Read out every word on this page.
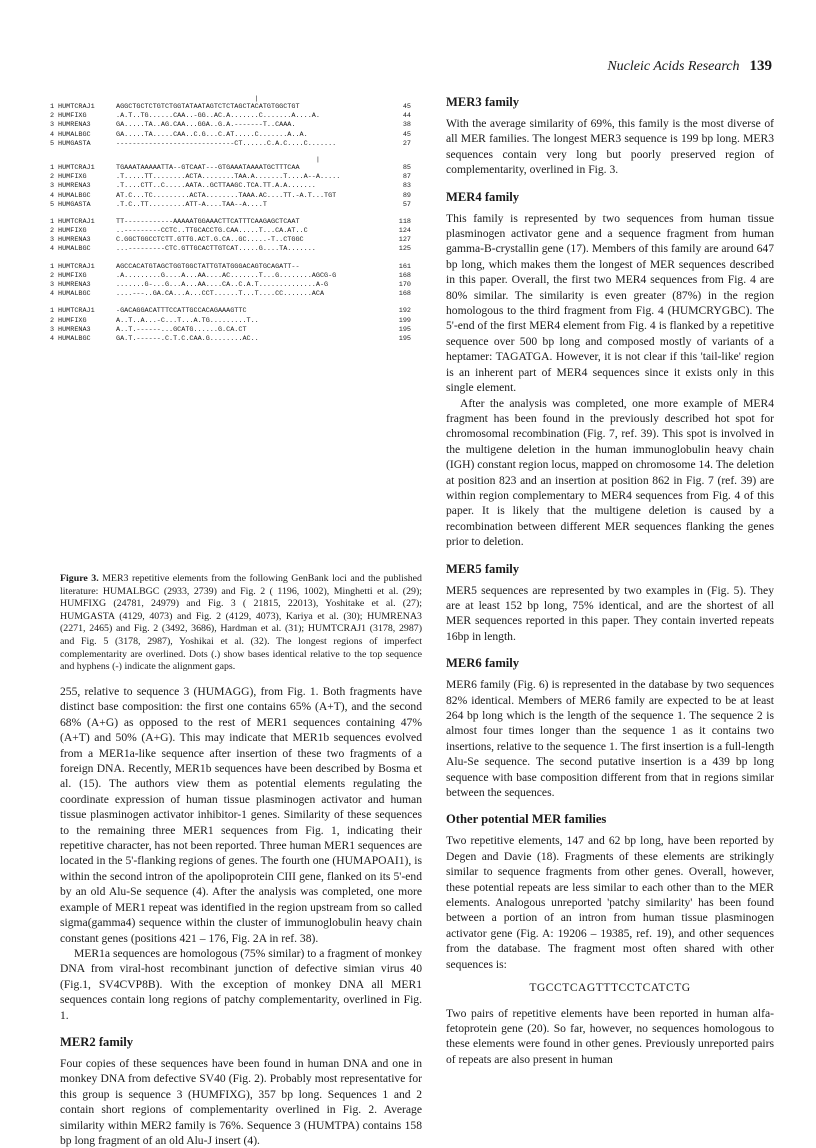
Nucleic Acids Research 139
|
1 HUMTCRAJ1	AGGCTGCTCTGTCTGGTATAATAGTCTCTAGCTACATGTGGCTGT	45
2 HUMFIXG	.A.T..TG......CAA..-GG..AC.A.......C.......A....A.	44
3 HUMRENA3	GA.....TA..AG.CAA...GGA..G.A.-------T..CAAA.	38
4 HUMALBGC	GA.....TA.....CAA..C.G...C.AT.....C.......A..A.	45
5 HUMGASTA	-----------------------------CT......C.A.C....C.......	27
|
1 HUMTCRAJ1	TGAAATAAAAATTA--GTCAAT---GTGAAATAAAATGCTTTCAA	85
2 HUMFIXG	.T.....TT........ACTA........TAA.A.......T....A--A.....	87
3 HUMRENA3	.T....CTT..C.....AATA..GCTTAAGC.TCA.TT.A.A.......	83
4 HUMALBGC	AT.C...TC.........ACTA........TAAA.AC....TT.-A.T...TGT	89
5 HUMGASTA	.T.C..TT.........ATT-A....TAA--A....T	57
1 HUMTCRAJ1	TT------------AAAAATGGAAACTTCATTTCAAGAGCTCAAT	118
2 HUMFIXG	..---------CCTC..TTGCACCTG.CAA.....T...CA.AT..C	124
3 HUMRENA3	C.GGCTGGCCTCTT.GTTG.ACT.G.CA..GC.....-T..CTGGC	127
4 HUMALBGC	...---------CTC.GTTGCACTTGTCAT.....G....TA.......	125
1 HUMTCRAJ1	AGCCACATGTAGCTGGTGGCTATTGTATGGGACAGTGCAGATT--	161
2 HUMFIXG	.A.........G....A...AA....AC.......T...G........AGCG-G	168
3 HUMRENA3	.......G-...G...A...AA....CA..C.A.T..............A-G	170
4 HUMALBGC	....---..GA.CA...A...CCT......T...T....CC.......ACA	168
1 HUMTCRAJ1	-GACAGGACATTTCCATTGCCACAGAAAGTTC	192
2 HUMFIXG	A..T..A...-C...T...A.TG.........T..	199
3 HUMRENA3	A..T.------...GCATG......G.CA.CT	195
4 HUMALBGC	GA.T.------.C.T.C.CAA.G........AC..	195
Figure 3. MER3 repetitive elements from the following GenBank loci and the published literature: HUMALBGC (2933, 2739) and Fig. 2 ( 1196, 1002), Minghetti et al. (29); HUMFIXG (24781, 24979) and Fig. 3 ( 21815, 22013), Yoshitake et al. (27); HUMGASTA (4129, 4073) and Fig. 2 (4129, 4073), Kariya et al. (30); HUMRENA3 (2271, 2465) and Fig. 2 (3492, 3686), Hardman et al. (31); HUMTCRAJ1 (3178, 2987) and Fig. 5 (3178, 2987), Yoshikai et al. (32). The longest regions of imperfect complementarity are overlined. Dots (.) show bases identical relative to the top sequence and hyphens (-) indicate the alignment gaps.

255, relative to sequence 3 (HUMAGG), from Fig. 1. Both fragments have distinct base composition: the first one contains 65% (A+T), and the second 68% (A+G) as opposed to the rest of MER1 sequences containing 47% (A+T) and 50% (A+G). This may indicate that MER1b sequences evolved from a MER1a-like sequence after insertion of these two fragments of a foreign DNA. Recently, MER1b sequences have been described by Bosma et al. (15). The authors view them as potential elements regulating the coordinate expression of human tissue plasminogen activator and human tissue plasminogen activator inhibitor-1 genes. Similarity of these sequences to the remaining three MER1 sequences from Fig. 1, indicating their repetitive character, has not been reported. Three human MER1 sequences are located in the 5'-flanking regions of genes. The fourth one (HUMAPOAI1), is within the second intron of the apolipoprotein CIII gene, flanked on its 5'-end by an old Alu-Se sequence (4). After the analysis was completed, one more example of MER1 repeat was identified in the region upstream from so called sigma(gamma4) sequence within the cluster of immunoglobulin heavy chain constant genes (positions 421 – 176, Fig. 2A in ref. 38).

MER1a sequences are homologous (75% similar) to a fragment of monkey DNA from viral-host recombinant junction of defective simian virus 40 (Fig.1, SV4CVP8B). With the exception of monkey DNA all MER1 sequences contain long regions of patchy complementarity, overlined in Fig. 1.

MER2 family

Four copies of these sequences have been found in human DNA and one in monkey DNA from defective SV40 (Fig. 2). Probably most representative for this group is sequence 3 (HUMFIXG), 357 bp long. Sequences 1 and 2 contain short regions of complementarity overlined in Fig. 2. Average similarity within MER2 family is 76%. Sequence 3 (HUMTPA) contains 158 bp long fragment of an old Alu-J insert (4).

MER3 family

With the average similarity of 69%, this family is the most diverse of all MER families. The longest MER3 sequence is 199 bp long. MER3 sequences contain very long but poorly preserved region of complementarity, overlined in Fig. 3.

MER4 family

This family is represented by two sequences from human tissue plasminogen activator gene and a sequence fragment from human gamma-B-crystallin gene (17). Members of this family are around 647 bp long, which makes them the longest of MER sequences described in this paper. Overall, the first two MER4 sequences from Fig. 4 are 80% similar. The similarity is even greater (87%) in the region homologous to the third fragment from Fig. 4 (HUMCRYGBC). The 5'-end of the first MER4 element from Fig. 4 is flanked by a repetitive sequence over 500 bp long and composed mostly of variants of a heptamer: TAGATGA. However, it is not clear if this 'tail-like' region is an inherent part of MER4 sequences since it exists only in this single element.

After the analysis was completed, one more example of MER4 fragment has been found in the previously described hot spot for chromosomal recombination (Fig. 7, ref. 39). This spot is involved in the multigene deletion in the human immunoglobulin heavy chain (IGH) constant region locus, mapped on chromosome 14. The deletion at position 823 and an insertion at position 862 in Fig. 7 (ref. 39) are within region complementary to MER4 sequences from Fig. 4 of this paper. It is likely that the multigene deletion is caused by a recombination between different MER sequences flanking the genes prior to deletion.

MER5 family

MER5 sequences are represented by two examples in (Fig. 5). They are at least 152 bp long, 75% identical, and are the shortest of all MER sequences reported in this paper. They contain inverted repeats 16bp in length.

MER6 family

MER6 family (Fig. 6) is represented in the database by two sequences 82% identical. Members of MER6 family are expected to be at least 264 bp long which is the length of the sequence 1. The sequence 2 is almost four times longer than the sequence 1 as it contains two insertions, relative to the sequence 1. The first insertion is a full-length Alu-Se sequence. The second putative insertion is a 439 bp long sequence with base composition different from that in regions similar between the sequences.

Other potential MER families

Two repetitive elements, 147 and 62 bp long, have been reported by Degen and Davie (18). Fragments of these elements are strikingly similar to sequence fragments from other genes. Overall, however, these potential repeats are less similar to each other than to the MER elements. Analogous unreported 'patchy similarity' has been found between a portion of an intron from human tissue plasminogen activator gene (Fig. A: 19206 – 19385, ref. 19), and other sequences from the database. The fragment most often shared with other sequences is:

TGCCTCAGTTTCCTCATCTG

Two pairs of repetitive elements have been reported in human alfa-fetoprotein gene (20). So far, however, no sequences homologous to these elements were found in other genes. Previously unreported pairs of repeats are also present in human
